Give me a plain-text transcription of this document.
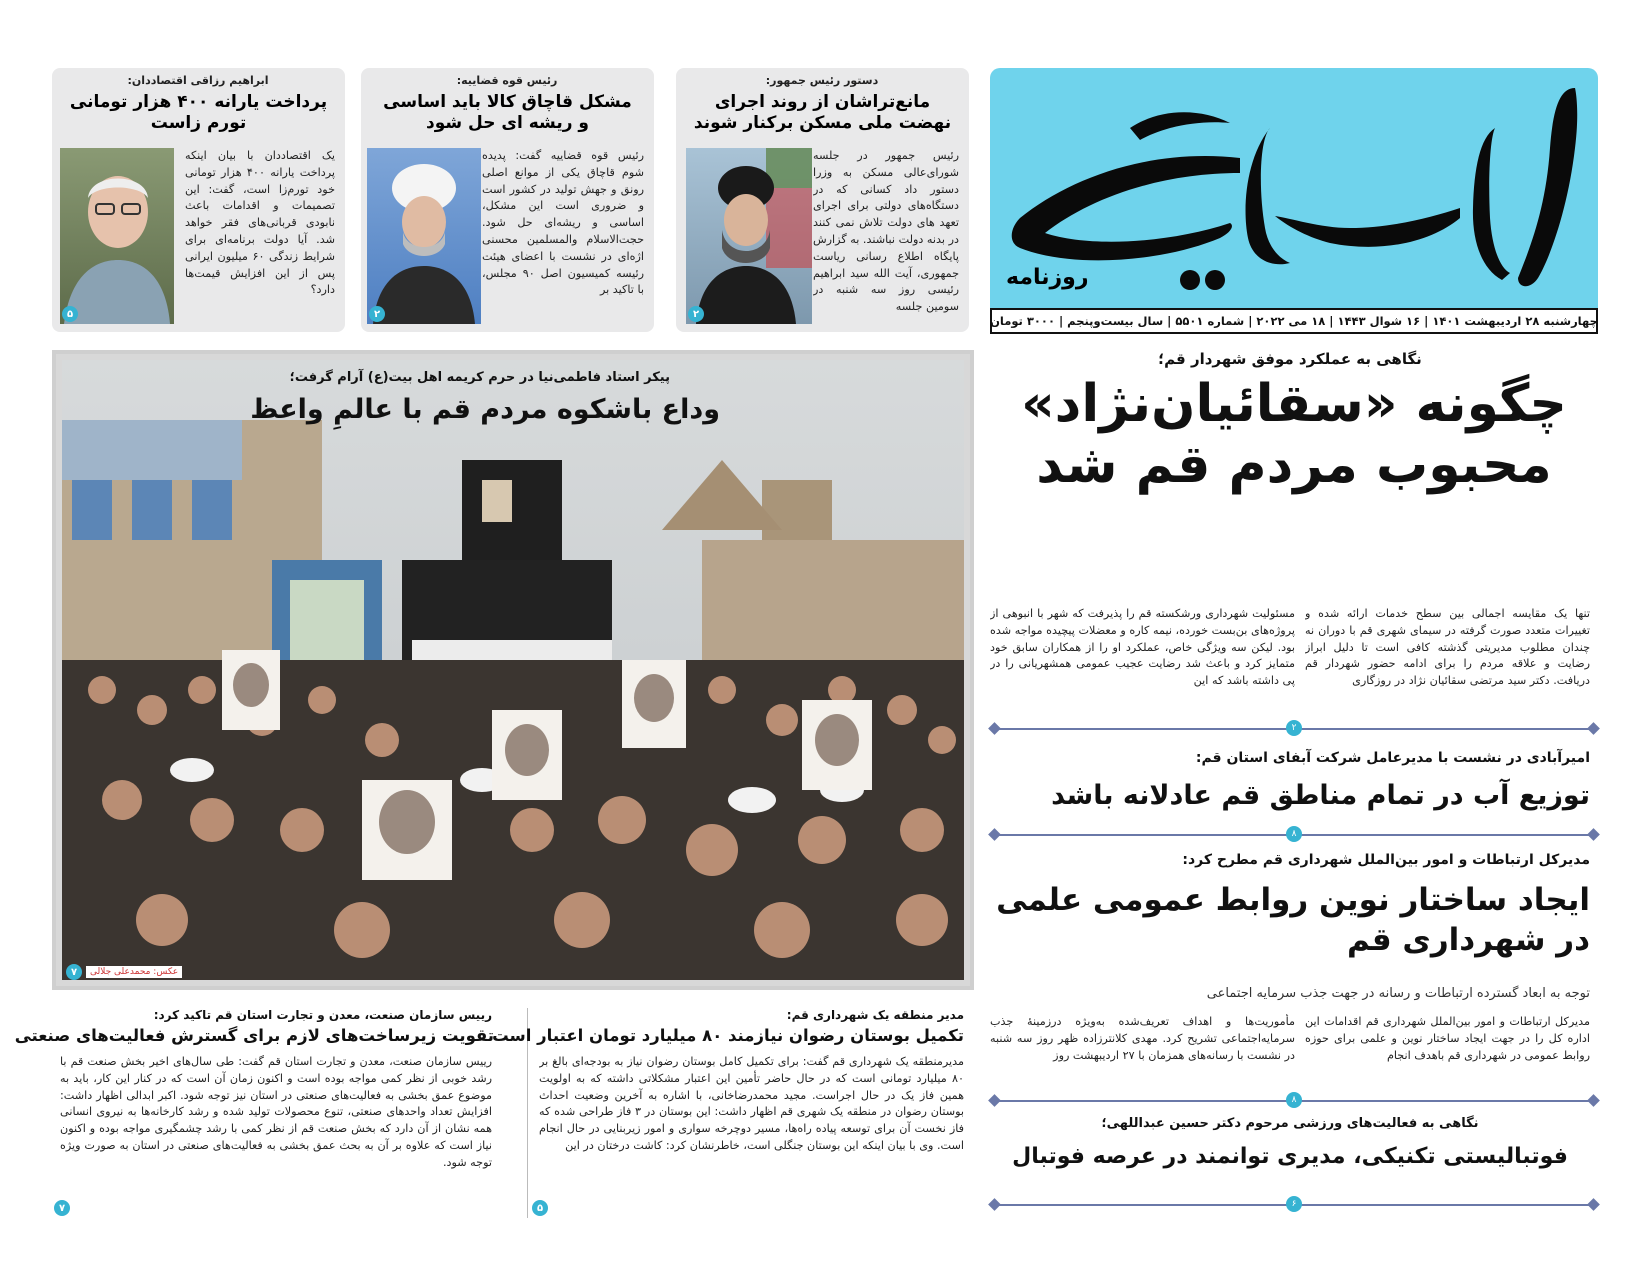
روزنامه
چهارشنبه ۲۸ اردیبهشت ۱۴۰۱ | ۱۶ شوال ۱۴۴۳ | ۱۸ می ۲۰۲۲ | شماره ۵۵۰۱ | سال بیست‌وپنجم | ۳۰۰۰ تومان
دستور رئیس جمهور:
مانع‌تراشان از روند اجرای
نهضت ملی مسکن برکنار شوند
رئیس جمهور در جلسه شورای‌عالی مسکن به وزرا دستور داد کسانی که در دستگاه‌های دولتی برای اجرای تعهد های دولت تلاش نمی کنند در بدنه دولت نباشند. به گزارش پایگاه اطلاع رسانی ریاست جمهوری، آیت الله سید ابراهیم رئیسی روز سه شنبه در سومین جلسه
۲
رئیس قوه قضاییه:
مشکل قاچاق کالا باید اساسی
و ریشه ای حل شود
رئیس قوه قضاییه گفت: پدیده شوم قاچاق یکی از موانع اصلی رونق و جهش تولید در کشور است و ضروری است این مشکل، اساسی و ریشه‌ای حل شود. حجت‌الاسلام والمسلمین محسنی اژه‌ای در نشست با اعضای هیئت رئیسه کمیسیون اصل ۹۰ مجلس، با تاکید بر
۲
ابراهیم رزاقی اقتصاددان:
پرداخت یارانه ۴۰۰ هزار تومانی
تورم زاست
یک اقتصاددان با بیان اینکه پرداخت یارانه ۴۰۰ هزار تومانی خود تورم‌زا است، گفت: این تصمیمات و اقدامات باعث نابودی قربانی‌های فقر خواهد شد. آیا دولت برنامه‌ای برای شرایط زندگی ۶۰ میلیون ایرانی پس از این افزایش قیمت‌ها دارد؟
۵
نگاهی به عملکرد موفق شهردار قم؛
چگونه «سقائیان‌نژاد»
محبوب مردم قم شد
تنها یک مقایسه اجمالی بین سطح خدمات ارائه شده و تغییرات متعدد صورت گرفته در سیمای شهری قم با دوران نه چندان مطلوب مدیریتی گذشته کافی است تا دلیل ابراز رضایت و علاقه مردم را برای ادامه حضور شهردار قم دریافت. دکتر سید مرتضی سقائیان نژاد در روزگاری
مسئولیت شهرداری ورشکسته قم را پذیرفت که شهر با انبوهی از پروژه‌های بن‌بست خورده، نیمه کاره و معضلات پیچیده مواجه شده بود. لیکن سه ویژگی خاص، عملکرد او را از همکاران سابق خود متمایز کرد و باعث شد رضایت عجیب عمومی همشهریانی را در پی داشته باشد که این
۲
امیرآبادی در نشست با مدیرعامل شرکت آبفای استان قم:
توزیع آب در تمام مناطق قم عادلانه باشد
۸
مدیرکل ارتباطات و امور بین‌الملل شهرداری قم مطرح کرد:
ایجاد ساختار نوین روابط عمومی علمی
در شهرداری قم
توجه به ابعاد گسترده ارتباطات و رسانه در جهت جذب سرمایه اجتماعی
مدیرکل ارتباطات و امور بین‌الملل شهرداری قم اقدامات این اداره کل را در جهت ایجاد ساختار نوین و علمی برای حوزه روابط عمومی در شهرداری قم باهدف انجام
مأموریت‌ها و اهداف تعریف‌شده به‌ویژه درزمینهٔ جذب سرمایه‌اجتماعی تشریح کرد. مهدی کلانترزاده ظهر روز سه شنبه در نشست با رسانه‌های همزمان با ۲۷ اردیبهشت روز
۸
نگاهی به فعالیت‌های ورزشی مرحوم دکتر حسین عبداللهی؛
فوتبالیستی تکنیکی، مدیری توانمند در عرصه فوتبال
۶
پیکر استاد فاطمی‌نیا در حرم کریمه اهل بیت(ع) آرام گرفت؛
وداع باشکوه مردم قم با عالمِ واعظ
عکس: محمدعلی جلالی
۷
مدیر منطقه یک شهرداری قم:
تکمیل بوستان رضوان نیازمند ۸۰ میلیارد تومان اعتبار است
مدیرمنطقه یک شهرداری قم گفت: برای تکمیل کامل بوستان رضوان نیاز به بودجه‌ای بالغ بر ۸۰ میلیارد تومانی است که در حال حاضر تأمین این اعتبار مشکلاتی داشته که به اولویت همین فاز یک در حال اجراست. مجید محمدرضاخانی، با اشاره به آخرین وضعیت احداث بوستان رضوان در منطقه یک شهری قم اظهار داشت: این بوستان در ۳ فاز طراحی شده که فاز نخست آن برای توسعه پیاده راه‌ها، مسیر دوچرخه سواری و امور زیربنایی در حال انجام است. وی با بیان اینکه این بوستان جنگلی است، خاطرنشان کرد: کاشت درختان در این
۵
رییس سازمان صنعت، معدن و تجارت استان قم تاکید کرد:
تقویت زیرساخت‌های لازم برای گسترش فعالیت‌های صنعتی
رییس سازمان صنعت، معدن و تجارت استان قم گفت: طی سال‌های اخیر بخش صنعت قم با رشد خوبی از نظر کمی مواجه بوده است و اکنون زمان آن است که در کنار این کار، باید به موضوع عمق بخشی به فعالیت‌های صنعتی در استان نیز توجه شود. اکبر ابدالی اظهار داشت: افزایش تعداد واحدهای صنعتی، تنوع محصولات تولید شده و رشد کارخانه‌ها به نیروی انسانی همه نشان از آن دارد که بخش صنعت قم از نظر کمی با رشد چشمگیری مواجه بوده و اکنون نیاز است که علاوه بر آن به بحث عمق بخشی به فعالیت‌های صنعتی در استان به صورت ویژه توجه شود.
۷
